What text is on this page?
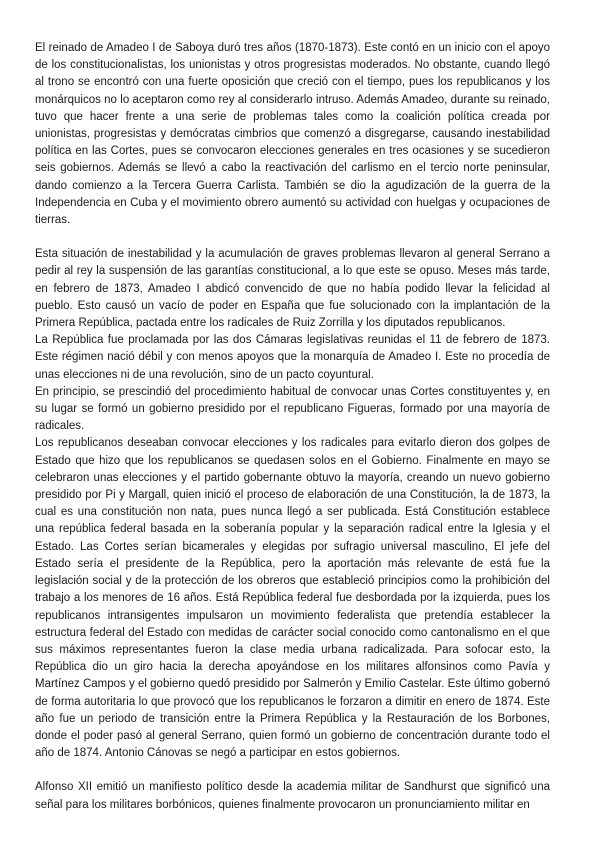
El reinado de Amadeo I de Saboya duró tres años (1870-1873). Este contó en un inicio con el apoyo de los constitucionalistas, los unionistas y otros progresistas moderados. No obstante, cuando llegó al trono se encontró con una fuerte oposición que creció con el tiempo, pues los republicanos y los monárquicos no lo aceptaron como rey al considerarlo intruso. Además Amadeo, durante su reinado, tuvo que hacer frente a una serie de problemas tales como la coalición política creada por unionistas, progresistas y demócratas cimbrios que comenzó a disgregarse, causando inestabilidad política en las Cortes, pues se convocaron elecciones generales en tres ocasiones y se sucedieron seis gobiernos. Además se llevó a cabo la reactivación del carlismo en el tercio norte peninsular, dando comienzo a la Tercera Guerra Carlista. También se dio la agudización de la guerra de la Independencia en Cuba y el movimiento obrero aumentó su actividad con huelgas y ocupaciones de tierras.

Esta situación de inestabilidad y la acumulación de graves problemas llevaron al general Serrano a pedir al rey la suspensión de las garantías constitucional, a lo que este se opuso. Meses más tarde, en febrero de 1873, Amadeo I abdicó convencido de que no había podido llevar la felicidad al pueblo. Esto causó un vacío de poder en España que fue solucionado con la implantación de la Primera República, pactada entre los radicales de Ruiz Zorrilla y los diputados republicanos.

La República fue proclamada por las dos Cámaras legislativas reunidas el 11 de febrero de 1873. Este régimen nació débil y con menos apoyos que la monarquía de Amadeo I. Este no procedía de unas elecciones ni de una revolución, sino de un pacto coyuntural.

En principio, se prescindió del procedimiento habitual de convocar unas Cortes constituyentes y, en su lugar se formó un gobierno presidido por el republicano Figueras, formado por una mayoría de radicales.

Los republicanos deseaban convocar elecciones y los radicales para evitarlo dieron dos golpes de Estado que hizo que los republicanos se quedasen solos en el Gobierno. Finalmente en mayo se celebraron unas elecciones y el partido gobernante obtuvo la mayoría, creando un nuevo gobierno presidido por Pi y Margall, quien inició el proceso de elaboración de una Constitución, la de 1873, la cual es una constitución non nata, pues nunca llegó a ser publicada. Está Constitución establece una república federal basada en la soberanía popular y la separación radical entre la Iglesia y el Estado. Las Cortes serían bicamerales y elegidas por sufragio universal masculino, El jefe del Estado sería el presidente de la República, pero la aportación más relevante de está fue la legislación social y de la protección de los obreros que estableció principios como la prohibición del trabajo a los menores de 16 años. Está República federal fue desbordada por la izquierda, pues los republicanos intransigentes impulsaron un movimiento federalista que pretendía establecer la estructura federal del Estado con medidas de carácter social conocido como cantonalismo en el que sus máximos representantes fueron la clase media urbana radicalizada. Para sofocar esto, la República dio un giro hacia la derecha apoyándose en los militares alfonsinos como Pavía y Martínez Campos y el gobierno quedó presidido por Salmerón y Emilio Castelar. Este último gobernó de forma autoritaria lo que provocó que los republicanos le forzaron a dimitir en enero de 1874. Este año fue un periodo de transición entre la Primera República y la Restauración de los Borbones, donde el poder pasó al general Serrano, quien formó un gobierno de concentración durante todo el año de 1874. Antonio Cánovas se negó a participar en estos gobiernos.

Alfonso XII emitió un manifiesto político desde la academia militar de Sandhurst que significó una señal para los militares borbónicos, quienes finalmente provocaron un pronunciamiento militar en
